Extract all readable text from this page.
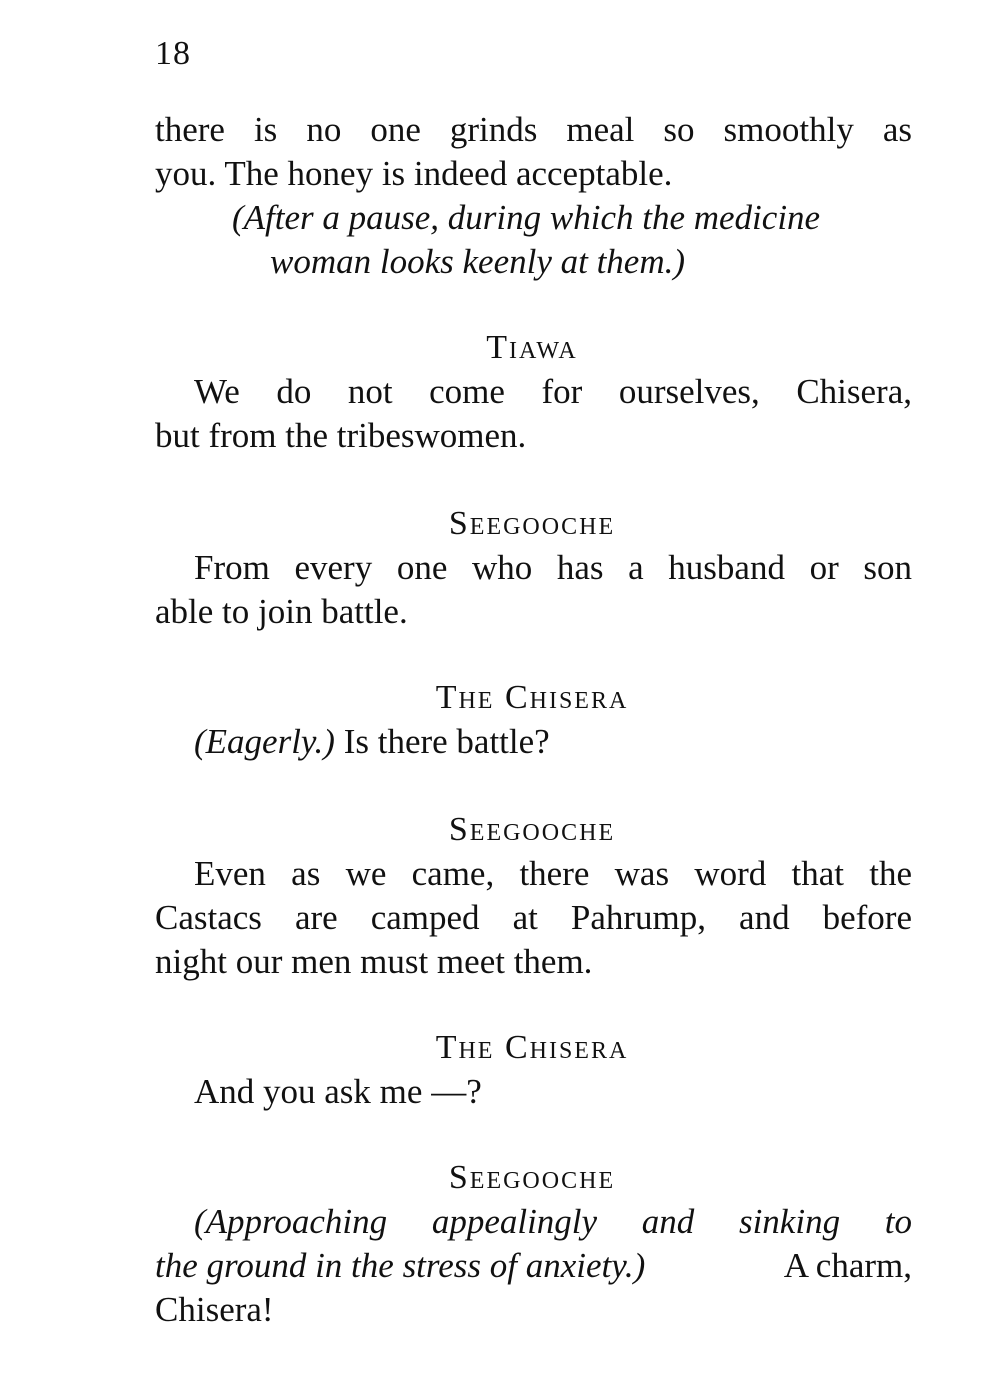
18
there is no one grinds meal so smoothly as
you. The honey is indeed acceptable.
(After a pause, during which the medicine
woman looks keenly at them.)
Tiawa
We do not come for ourselves, Chisera,
but from the tribeswomen.
Seegooche
From every one who has a husband or son
able to join battle.
The Chisera
(Eagerly.) Is there battle?
Seegooche
Even as we came, there was word that the
Castacs are camped at Pahrump, and before
night our men must meet them.
The Chisera
And you ask me —?
Seegooche
(Approaching appealingly and sinking to
the ground in the stress of anxiety.)	A charm,
Chisera!
